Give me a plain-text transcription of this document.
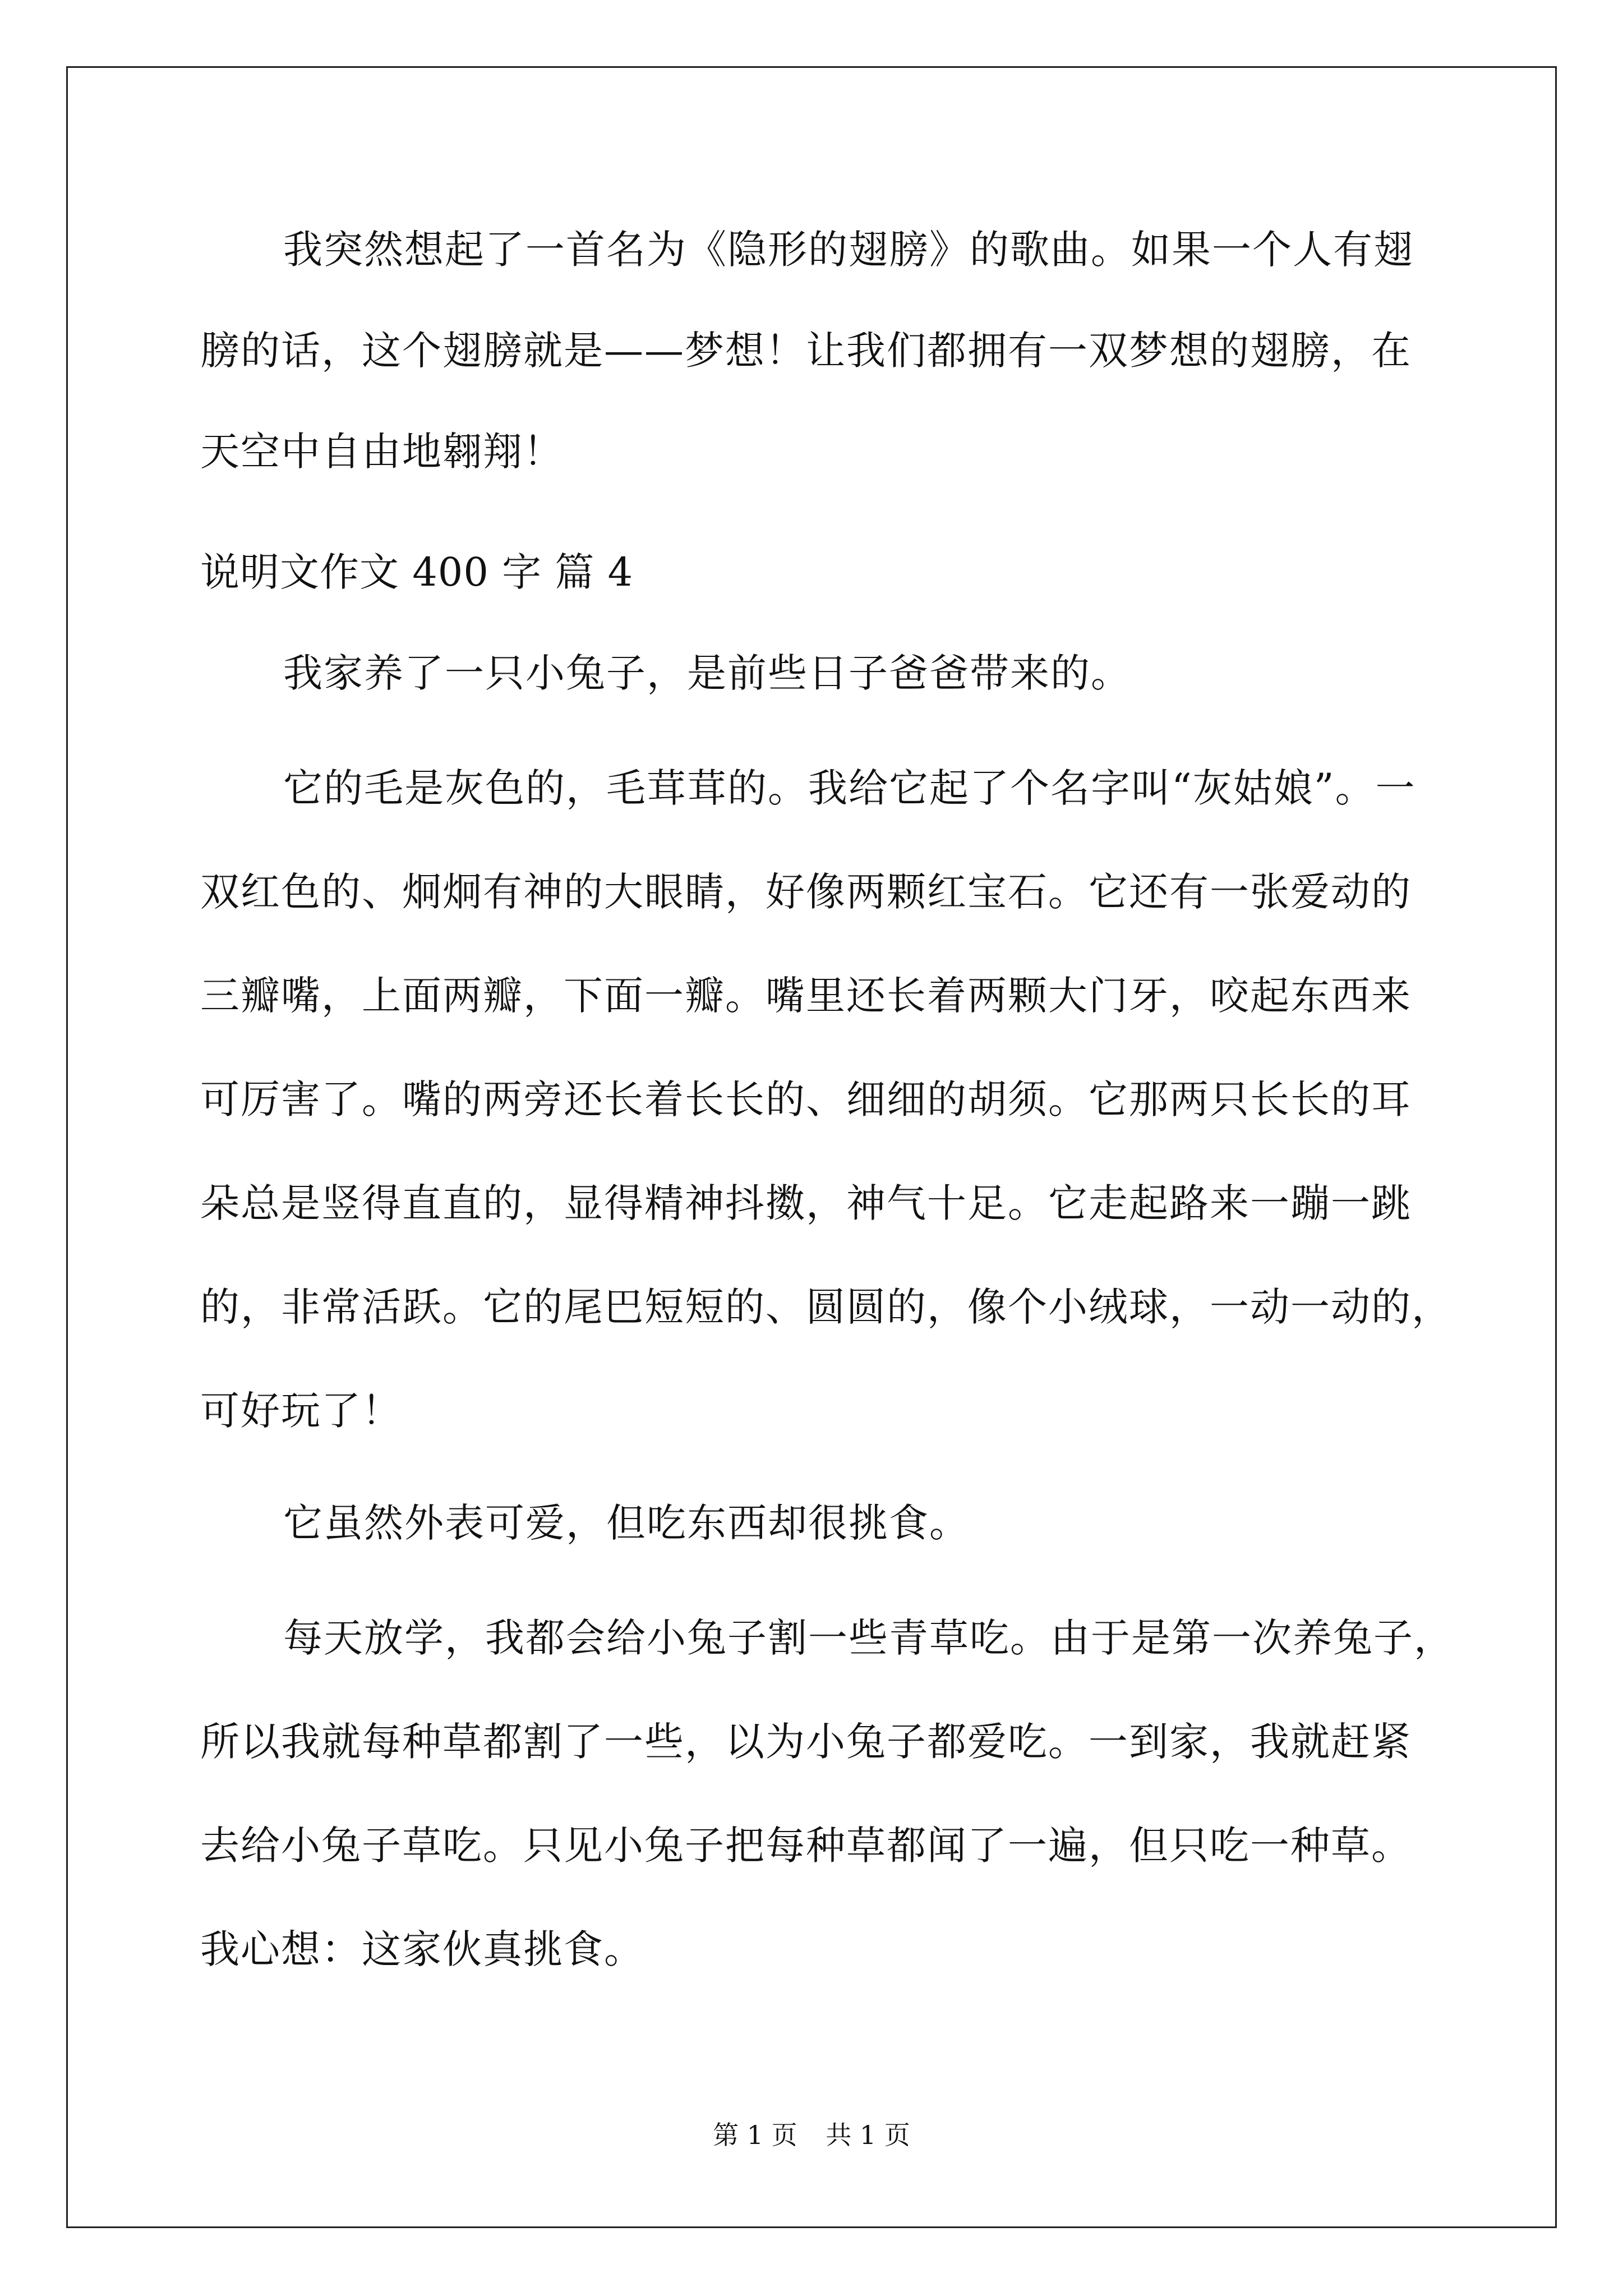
我突然想起了一首名为《隐形的翅膀》的歌曲。如果一个人有翅
膀的话，这个翅膀就是——梦想！让我们都拥有一双梦想的翅膀，在
天空中自由地翱翔！
说明文作文 400 字 篇 4
我家养了一只小兔子，是前些日子爸爸带来的。
它的毛是灰色的，毛茸茸的。我给它起了个名字叫“灰姑娘”。一
双红色的、炯炯有神的大眼睛，好像两颗红宝石。它还有一张爱动的
三瓣嘴，上面两瓣，下面一瓣。嘴里还长着两颗大门牙，咬起东西来
可厉害了。嘴的两旁还长着长长的、细细的胡须。它那两只长长的耳
朵总是竖得直直的，显得精神抖擞，神气十足。它走起路来一蹦一跳
的，非常活跃。它的尾巴短短的、圆圆的，像个小绒球，一动一动的，
可好玩了！
它虽然外表可爱，但吃东西却很挑食。
每天放学，我都会给小兔子割一些青草吃。由于是第一次养兔子，
所以我就每种草都割了一些，以为小兔子都爱吃。一到家，我就赶紧
去给小兔子草吃。只见小兔子把每种草都闻了一遍，但只吃一种草。
我心想：这家伙真挑食。
第 1 页 共 1 页
